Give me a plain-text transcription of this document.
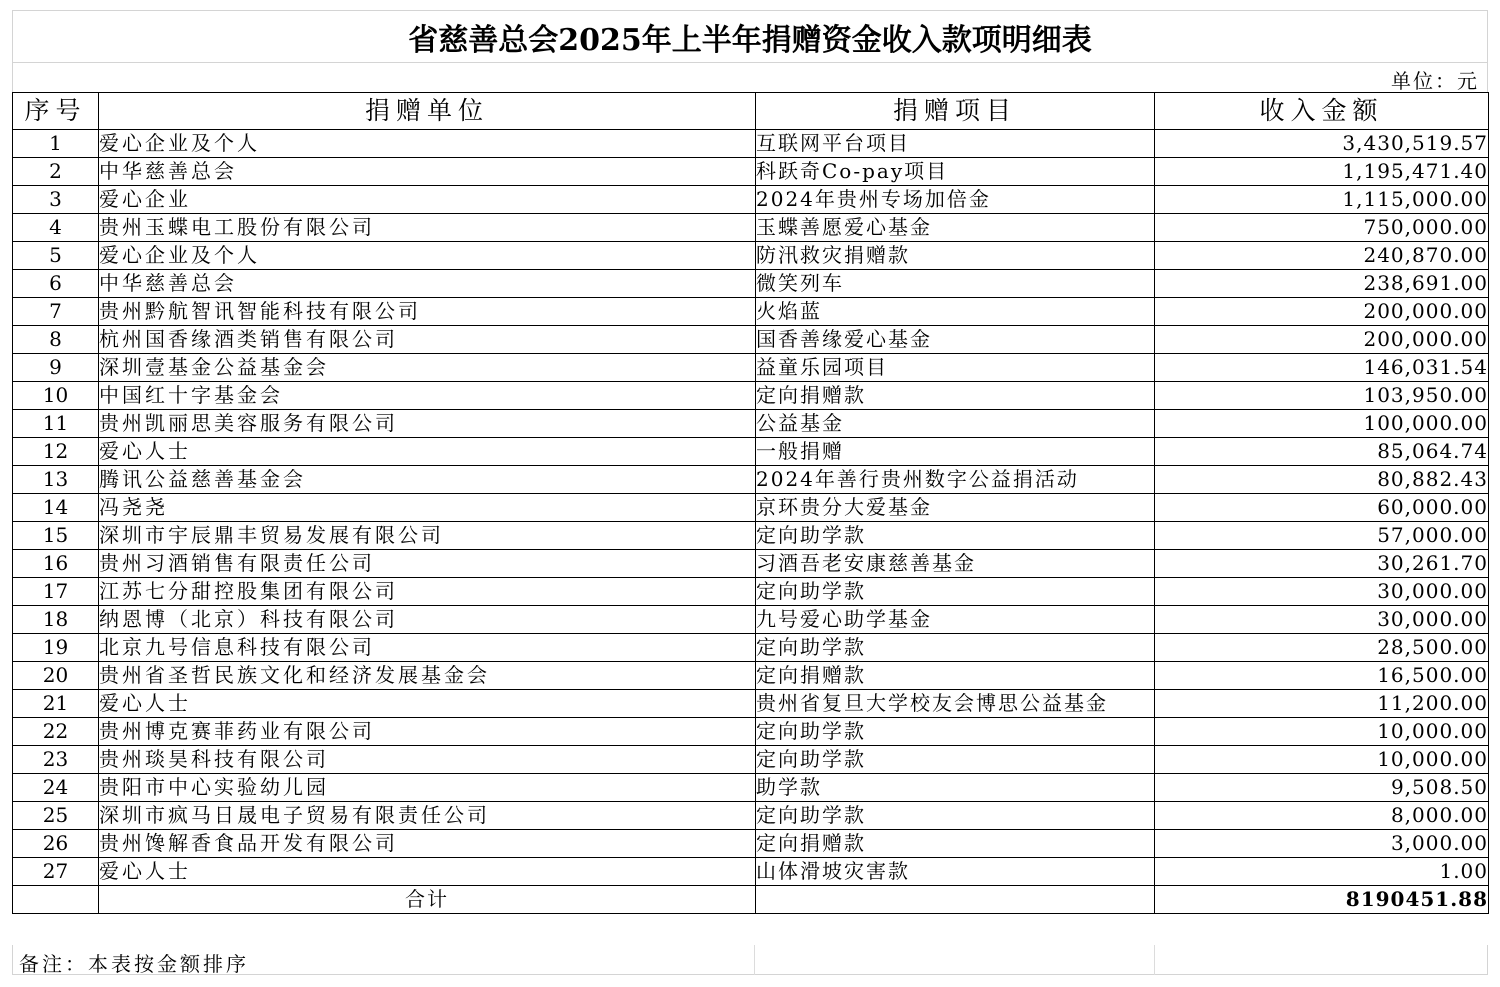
省慈善总会2025年上半年捐赠资金收入款项明细表
单位：元
序号	捐赠单位	捐赠项目	收入金额
1	爱心企业及个人	互联网平台项目	3,430,519.57
2	中华慈善总会	科跃奇Co-pay项目	1,195,471.40
3	爱心企业	2024年贵州专场加倍金	1,115,000.00
4	贵州玉蝶电工股份有限公司	玉蝶善愿爱心基金	750,000.00
5	爱心企业及个人	防汛救灾捐赠款	240,870.00
6	中华慈善总会	微笑列车	238,691.00
7	贵州黔航智讯智能科技有限公司	火焰蓝	200,000.00
8	杭州国香缘酒类销售有限公司	国香善缘爱心基金	200,000.00
9	深圳壹基金公益基金会	益童乐园项目	146,031.54
10	中国红十字基金会	定向捐赠款	103,950.00
11	贵州凯丽思美容服务有限公司	公益基金	100,000.00
12	爱心人士	一般捐赠	85,064.74
13	腾讯公益慈善基金会	2024年善行贵州数字公益捐活动	80,882.43
14	冯尧尧	京环贵分大爱基金	60,000.00
15	深圳市宇辰鼎丰贸易发展有限公司	定向助学款	57,000.00
16	贵州习酒销售有限责任公司	习酒吾老安康慈善基金	30,261.70
17	江苏七分甜控股集团有限公司	定向助学款	30,000.00
18	纳恩博（北京）科技有限公司	九号爱心助学基金	30,000.00
19	北京九号信息科技有限公司	定向助学款	28,500.00
20	贵州省圣哲民族文化和经济发展基金会	定向捐赠款	16,500.00
21	爱心人士	贵州省复旦大学校友会博思公益基金	11,200.00
22	贵州博克赛菲药业有限公司	定向助学款	10,000.00
23	贵州琰昊科技有限公司	定向助学款	10,000.00
24	贵阳市中心实验幼儿园	助学款	9,508.50
25	深圳市疯马日晟电子贸易有限责任公司	定向助学款	8,000.00
26	贵州馋解香食品开发有限公司	定向捐赠款	3,000.00
27	爱心人士	山体滑坡灾害款	1.00
	合计		8190451.88
备注：本表按金额排序
